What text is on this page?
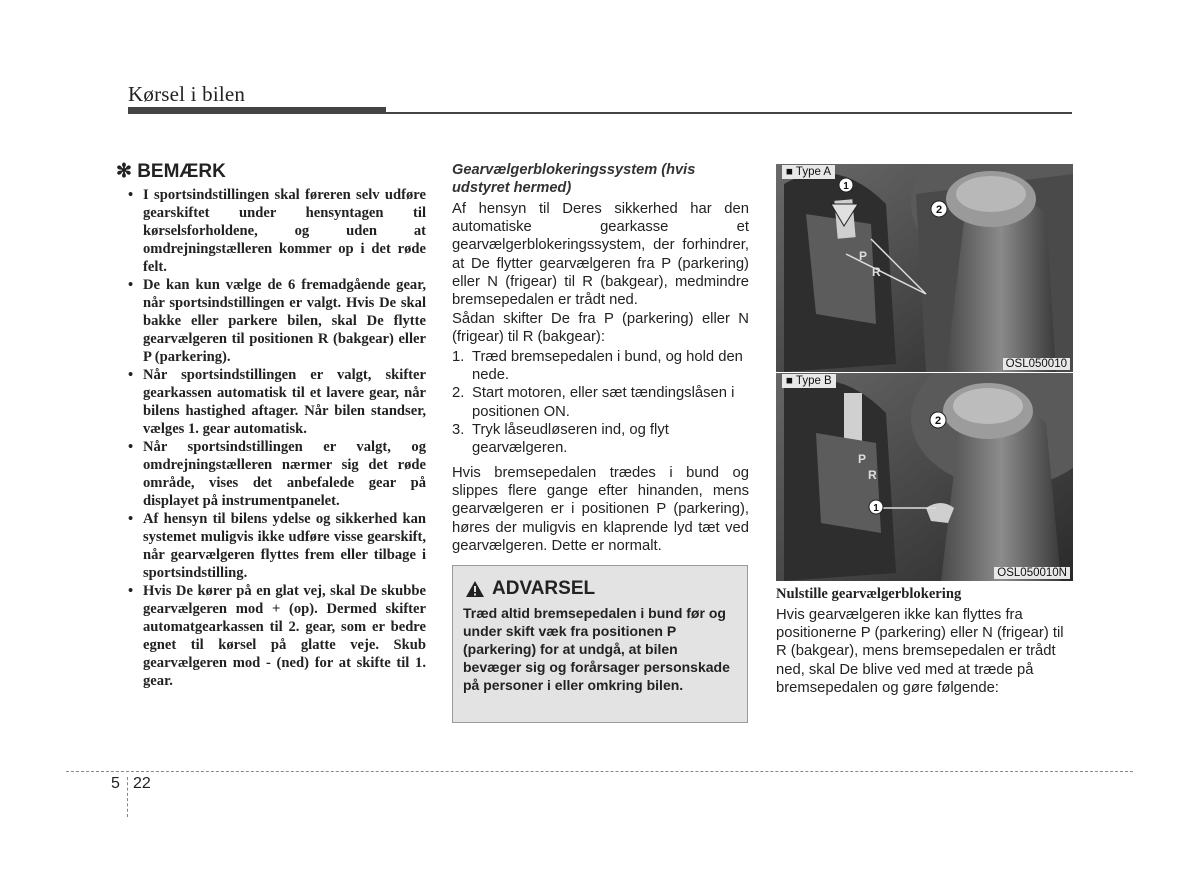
Kørsel i bilen
✻ BEMÆRK
• I sportsindstillingen skal føreren selv udføre gearskiftet under hensyntagen til kørselsforholdene, og uden at omdrejningstælleren kommer op i det røde felt.
• De kan kun vælge de 6 fremadgående gear, når sportsindstillingen er valgt. Hvis De skal bakke eller parkere bilen, skal De flytte gearvælgeren til positionen R (bakgear) eller P (parkering).
• Når sportsindstillingen er valgt, skifter gearkassen automatisk til et lavere gear, når bilens hastighed aftager. Når bilen standser, vælges 1. gear automatisk.
• Når sportsindstillingen er valgt, og omdrejningstælleren nærmer sig det røde område, vises det anbefalede gear på displayet på instrumentpanelet.
• Af hensyn til bilens ydelse og sikkerhed kan systemet muligvis ikke udføre visse gearskift, når gearvælgeren flyttes frem eller tilbage i sportsindstilling.
• Hvis De kører på en glat vej, skal De skubbe gearvælgeren mod + (op). Dermed skifter automatgearkassen til 2. gear, som er bedre egnet til kørsel på glatte veje. Skub gearvælgeren mod - (ned) for at skifte til 1. gear.
Gearvælgerblokeringssystem (hvis udstyret hermed)

Af hensyn til Deres sikkerhed har den automatiske gearkasse et gearvælgerblokeringssystem, der forhindrer, at De flytter gearvælgeren fra P (parkering) eller N (frigear) til R (bakgear), medmindre bremsepedalen er trådt ned.

Sådan skifter De fra P (parkering) eller N (frigear) til R (bakgear):

1. Træd bremsepedalen i bund, og hold den nede.
2. Start motoren, eller sæt tændingslåsen i positionen ON.
3. Tryk låseudløseren ind, og flyt gearvælgeren.

Hvis bremsepedalen trædes i bund og slippes flere gange efter hinanden, mens gearvælgeren er i positionen P (parkering), høres der muligvis en klaprende lyd tæt ved gearvælgeren. Dette er normalt.

ADVARSEL
Træd altid bremsepedalen i bund før og under skift væk fra positionen P (parkering) for at undgå, at bilen bevæger sig og forårsager personskade på personer i eller omkring bilen.
1
2
P
R
■ Type A
OSL050010
1
2
P
R
■ Type B
OSL050010N
Nulstille gearvælgerblokering
Hvis gearvælgeren ikke kan flyttes fra positionerne P (parkering) eller N (frigear) til R (bakgear), mens bremsepedalen er trådt ned, skal De blive ved med at træde på bremsepedalen og gøre følgende:
5 22
